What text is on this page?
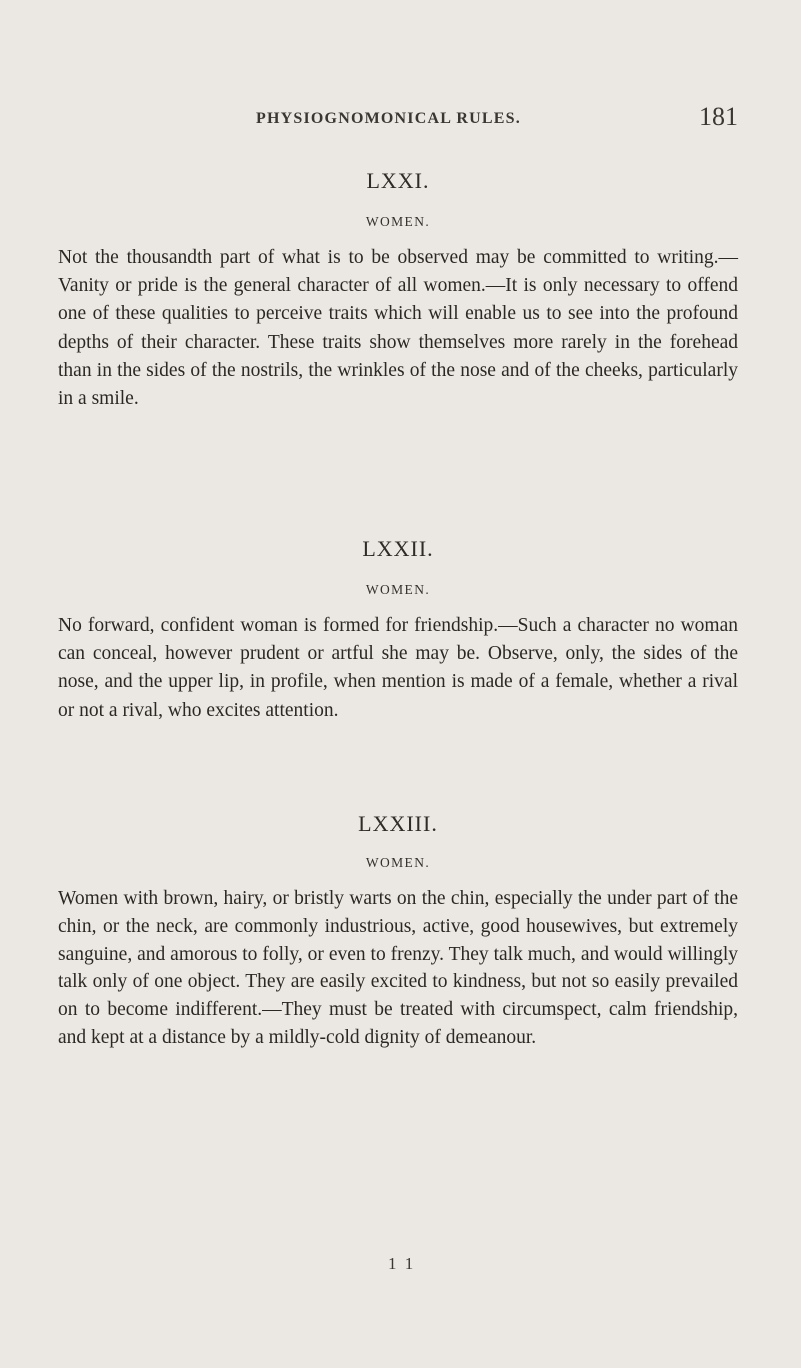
PHYSIOGNOMONICAL RULES.	181

LXXI.

WOMEN.

Not the thousandth part of what is to be observed may be committed to writing.—Vanity or pride is the general character of all women.—It is only necessary to offend one of these qualities to perceive traits which will enable us to see into the profound depths of their character. These traits show themselves more rarely in the forehead than in the sides of the nostrils, the wrinkles of the nose and of the cheeks, particularly in a smile.

LXXII.

WOMEN.

No forward, confident woman is formed for friendship.—Such a character no woman can conceal, however prudent or artful she may be. Observe, only, the sides of the nose, and the upper lip, in profile, when mention is made of a female, whether a rival or not a rival, who excites attention.

LXXIII.

WOMEN.

Women with brown, hairy, or bristly warts on the chin, especially the under part of the chin, or the neck, are commonly industrious, active, good housewives, but extremely sanguine, and amorous to folly, or even to frenzy. They talk much, and would willingly talk only of one object. They are easily excited to kindness, but not so easily prevailed on to become indifferent.—They must be treated with circumspect, calm friendship, and kept at a distance by a mildly-cold dignity of demeanour.

1 1
